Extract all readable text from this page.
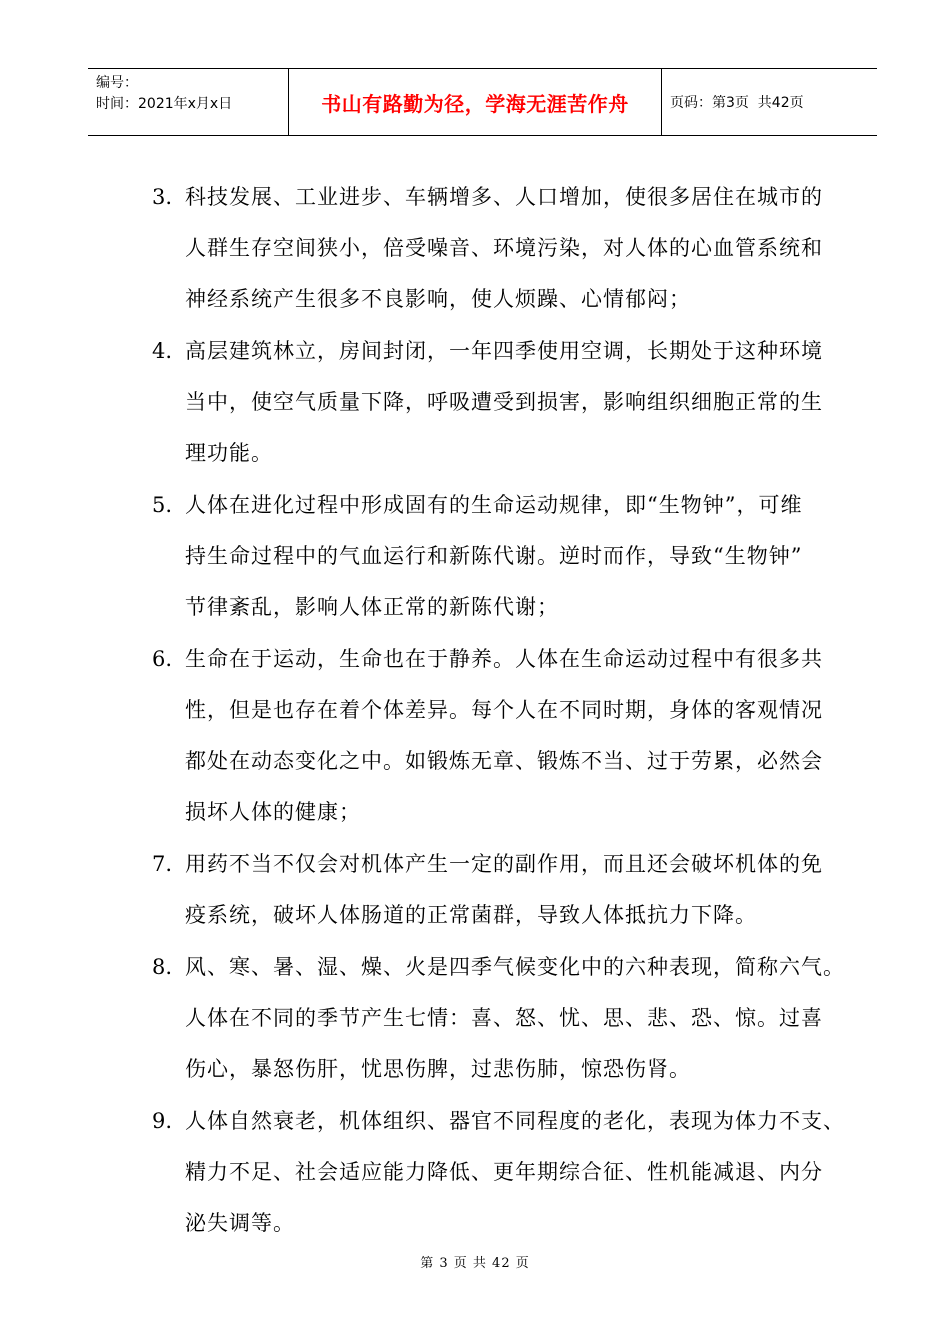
编号：
时间：2021年x月x日	书山有路勤为径，学海无涯苦作舟	页码：第3页  共42页
3. 科技发展、工业进步、车辆增多、人口增加，使很多居住在城市的
人群生存空间狭小，倍受噪音、环境污染，对人体的心血管系统和
神经系统产生很多不良影响，使人烦躁、心情郁闷；
4. 高层建筑林立，房间封闭，一年四季使用空调，长期处于这种环境
当中，使空气质量下降，呼吸遭受到损害，影响组织细胞正常的生
理功能。
5. 人体在进化过程中形成固有的生命运动规律，即“生物钟”，可维
持生命过程中的气血运行和新陈代谢。逆时而作，导致“生物钟”
节律紊乱，影响人体正常的新陈代谢；
6. 生命在于运动，生命也在于静养。人体在生命运动过程中有很多共
性，但是也存在着个体差异。每个人在不同时期，身体的客观情况
都处在动态变化之中。如锻炼无章、锻炼不当、过于劳累，必然会
损坏人体的健康；
7. 用药不当不仅会对机体产生一定的副作用，而且还会破坏机体的免
疫系统，破坏人体肠道的正常菌群，导致人体抵抗力下降。
8. 风、寒、暑、湿、燥、火是四季气候变化中的六种表现，简称六气。
人体在不同的季节产生七情：喜、怒、忧、思、悲、恐、惊。过喜
伤心，暴怒伤肝，忧思伤脾，过悲伤肺，惊恐伤肾。
9. 人体自然衰老，机体组织、器官不同程度的老化，表现为体力不支、
精力不足、社会适应能力降低、更年期综合征、性机能减退、内分
泌失调等。
第 3 页 共 42 页
